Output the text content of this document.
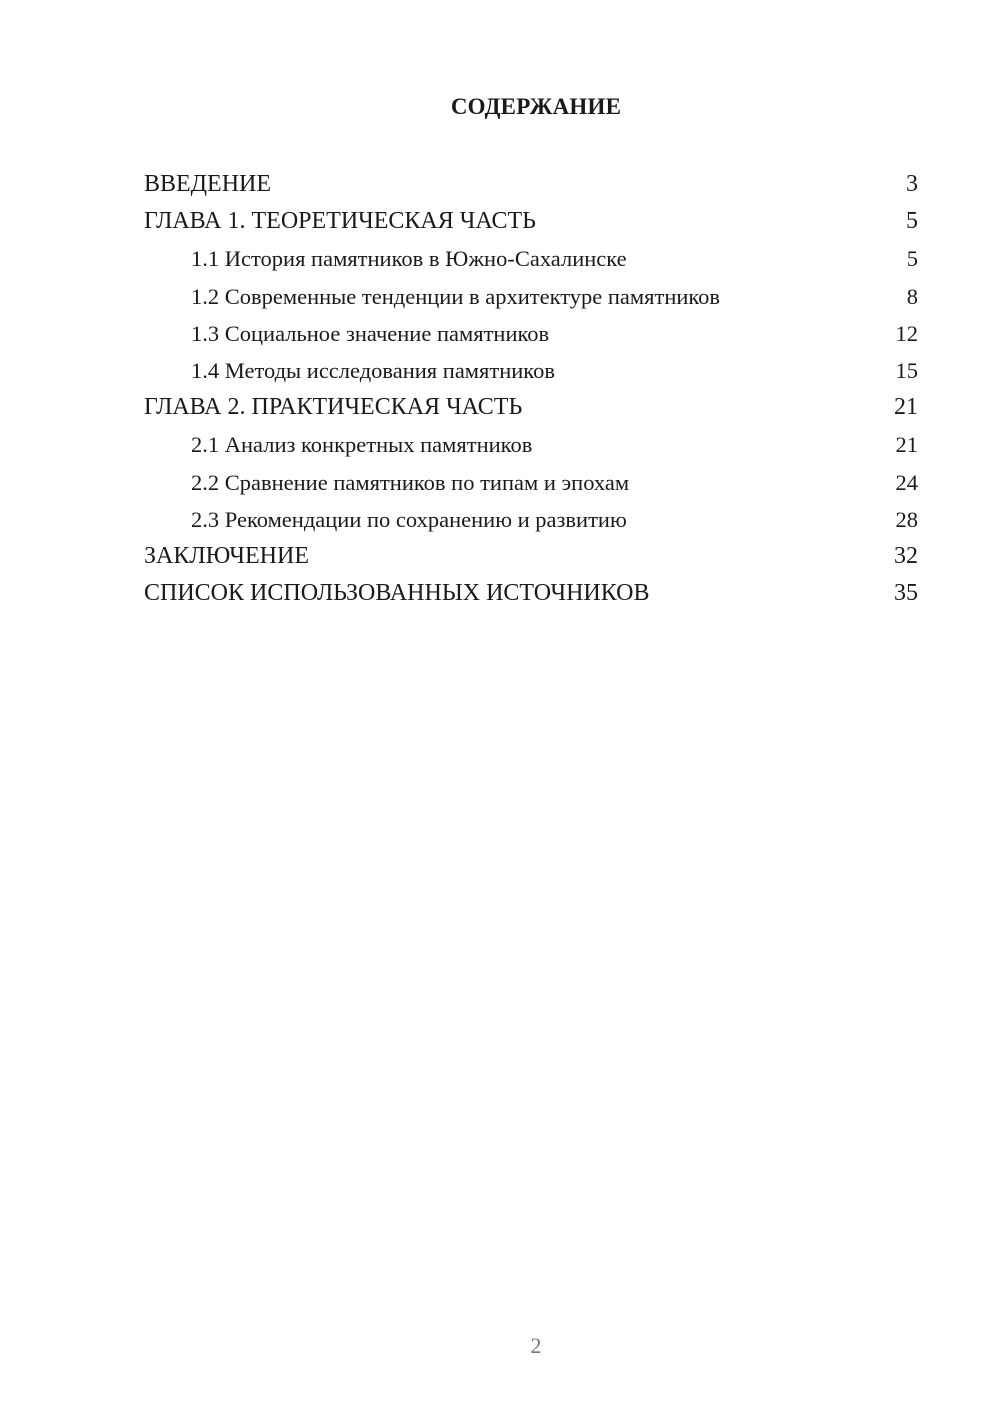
СОДЕРЖАНИЕ
ВВЕДЕНИЕ	3
ГЛАВА 1. ТЕОРЕТИЧЕСКАЯ ЧАСТЬ	5
1.1 История памятников в Южно-Сахалинске	5
1.2 Современные тенденции в архитектуре памятников	8
1.3 Социальное значение памятников	12
1.4 Методы исследования памятников	15
ГЛАВА 2. ПРАКТИЧЕСКАЯ ЧАСТЬ	21
2.1 Анализ конкретных памятников	21
2.2 Сравнение памятников по типам и эпохам	24
2.3 Рекомендации по сохранению и развитию	28
ЗАКЛЮЧЕНИЕ	32
СПИСОК ИСПОЛЬЗОВАННЫХ ИСТОЧНИКОВ	35
2
